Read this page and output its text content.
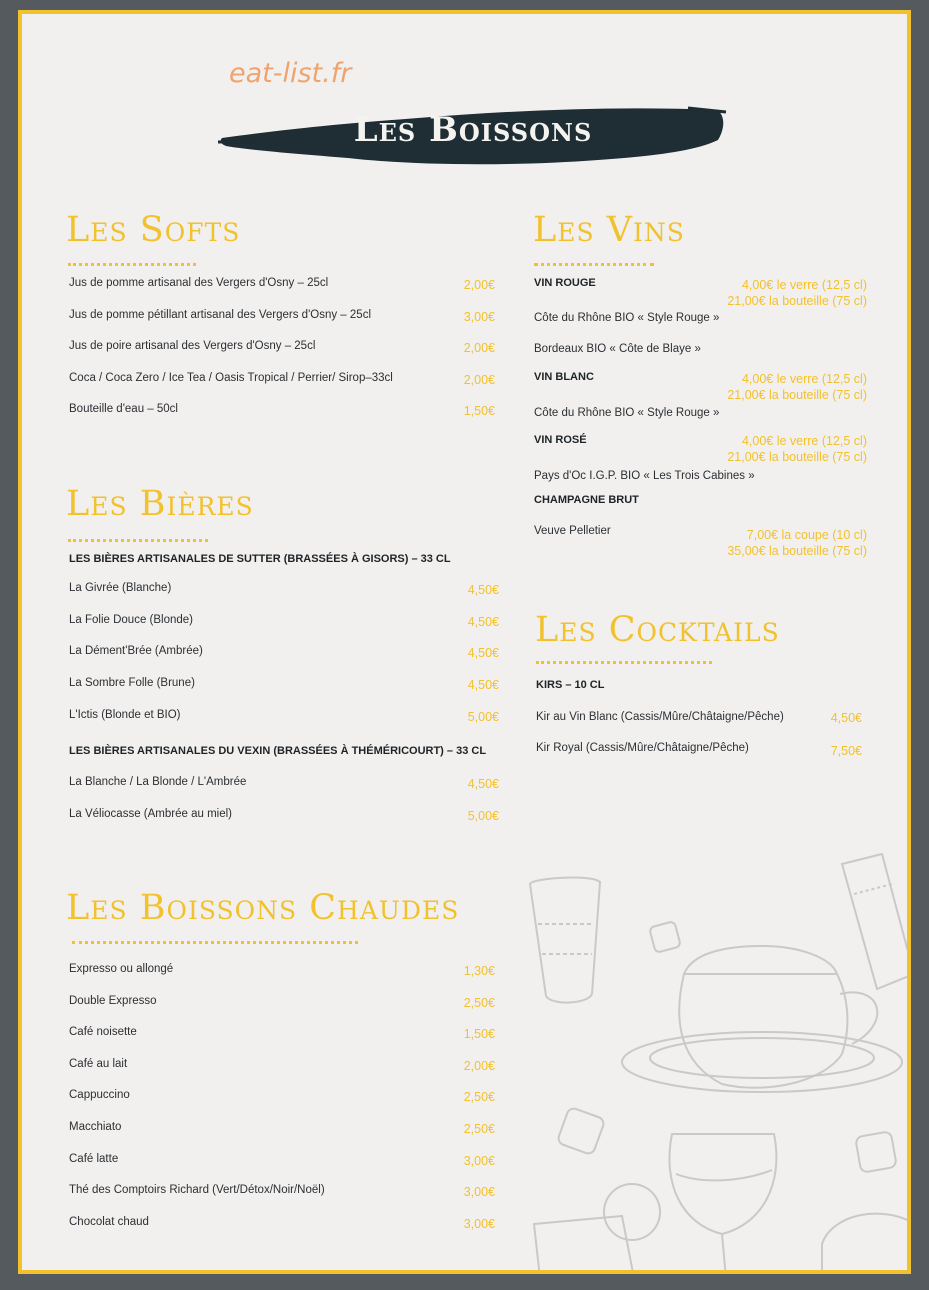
eat-list.fr
Les Boissons
Les Softs
Jus de pomme artisanal des Vergers d'Osny – 25cl	2,00€
Jus de pomme pétillant artisanal des Vergers d'Osny – 25cl	3,00€
Jus de poire artisanal des Vergers d'Osny – 25cl	2,00€
Coca / Coca Zero / Ice Tea / Oasis Tropical / Perrier/ Sirop–33cl	2,00€
Bouteille d'eau – 50cl	1,50€
Les Bières
LES BIÈRES ARTISANALES DE SUTTER (BRASSÉES À GISORS) – 33 CL
La Givrée (Blanche)	4,50€
La Folie Douce (Blonde)	4,50€
La Dément'Brée (Ambrée)	4,50€
La Sombre Folle (Brune)	4,50€
L'Ictis (Blonde et BIO)	5,00€
LES BIÈRES ARTISANALES DU VEXIN (BRASSÉES À THÉMÉRICOURT) – 33 CL
La Blanche / La Blonde / L'Ambrée	4,50€
La Véliocasse (Ambrée au miel)	5,00€
Les Boissons Chaudes
Expresso ou allongé	1,30€
Double Expresso	2,50€
Café noisette	1,50€
Café au lait	2,00€
Cappuccino	2,50€
Macchiato	2,50€
Café latte	3,00€
Thé des Comptoirs Richard (Vert/Détox/Noir/Noël)	3,00€
Chocolat chaud	3,00€
Les Vins
VIN ROUGE	4,00€ le verre (12,5 cl)
21,00€ la bouteille (75 cl)
Côte du Rhône BIO « Style Rouge »
Bordeaux BIO « Côte de Blaye »
VIN BLANC	4,00€ le verre (12,5 cl)
21,00€ la bouteille (75 cl)
Côte du Rhône BIO « Style Rouge »
VIN ROSÉ	4,00€ le verre (12,5 cl)
21,00€ la bouteille (75 cl)
Pays d'Oc I.G.P. BIO « Les Trois Cabines »
CHAMPAGNE BRUT
Veuve Pelletier	7,00€ la coupe (10 cl)
35,00€ la bouteille (75 cl)
Les Cocktails
KIRS – 10 CL
Kir au Vin Blanc (Cassis/Mûre/Châtaigne/Pêche)	4,50€
Kir Royal (Cassis/Mûre/Châtaigne/Pêche)	7,50€
